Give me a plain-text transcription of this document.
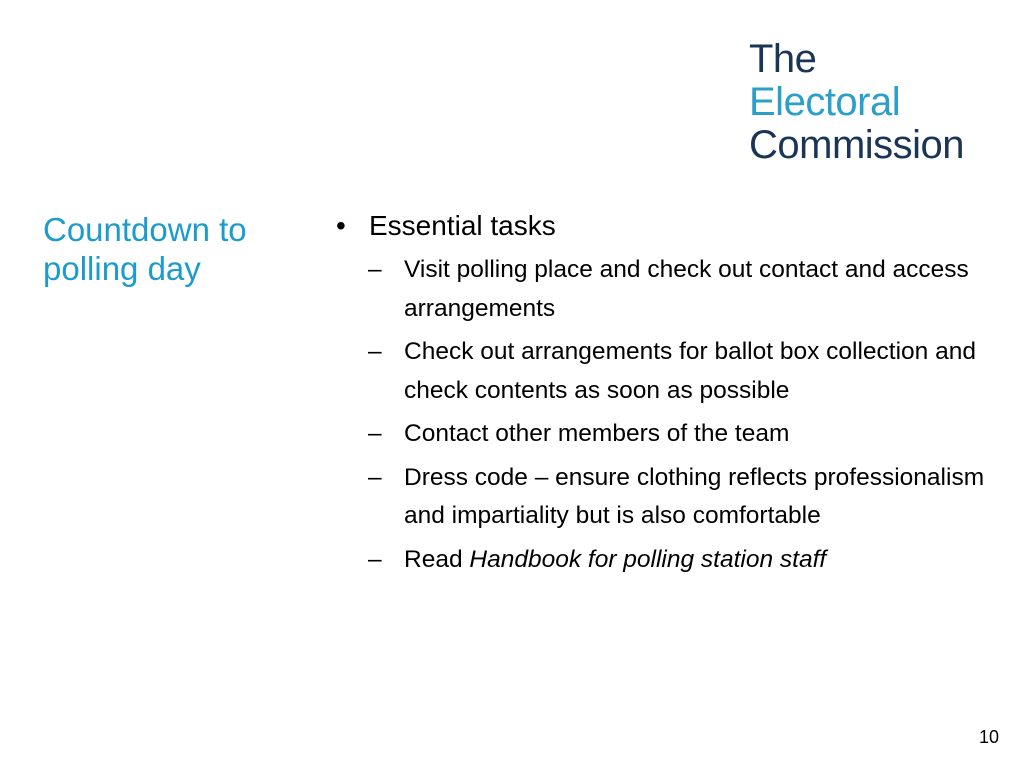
The
Electoral
Commission
Countdown to polling day
• Essential tasks
– Visit polling place and check out contact and access arrangements
– Check out arrangements for ballot box collection and check contents as soon as possible
– Contact other members of the team
– Dress code – ensure clothing reflects professionalism and impartiality but is also comfortable
– Read Handbook for polling station staff
10
